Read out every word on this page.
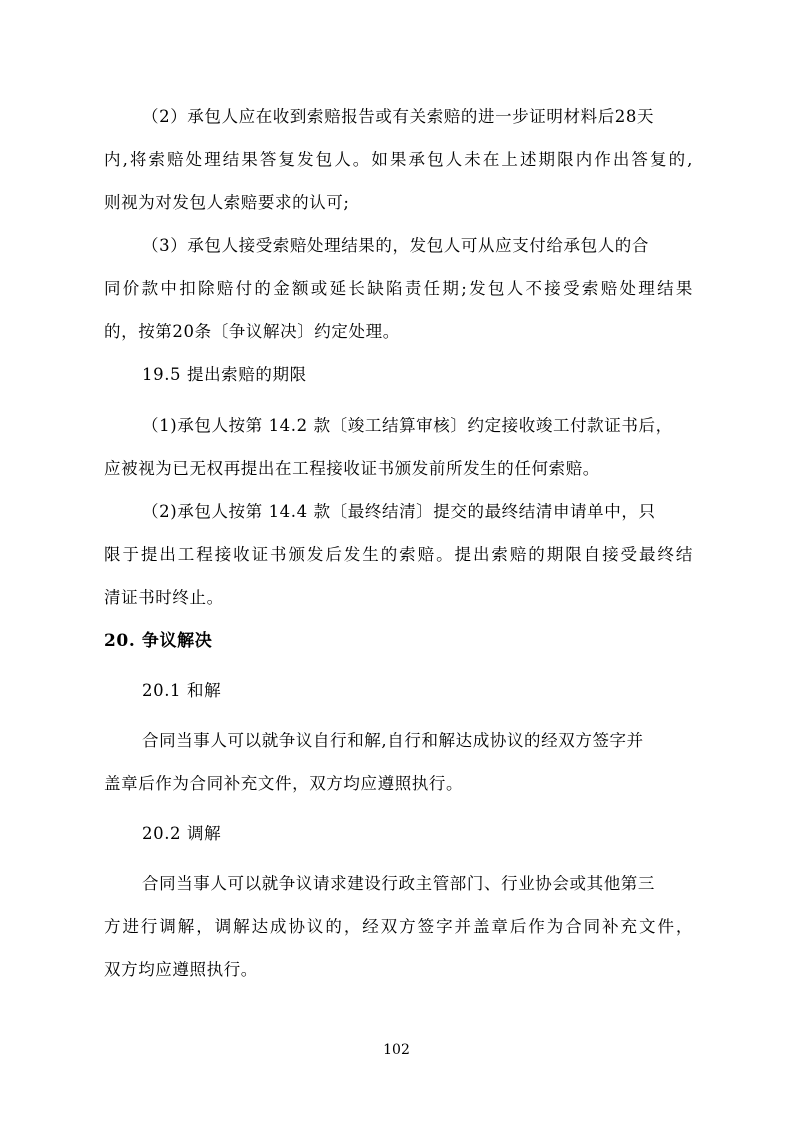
（2）承包人应在收到索赔报告或有关索赔的进一步证明材料后28天
内,将索赔处理结果答复发包人。如果承包人未在上述期限内作出答复的,
则视为对发包人索赔要求的认可;
（3）承包人接受索赔处理结果的，发包人可从应支付给承包人的合
同价款中扣除赔付的金额或延长缺陷责任期;发包人不接受索赔处理结果
的，按第20条〔争议解决〕约定处理。
19.5 提出索赔的期限
（1)承包人按第 14.2 款〔竣工结算审核〕约定接收竣工付款证书后，
应被视为已无权再提出在工程接收证书颁发前所发生的任何索赔。
（2)承包人按第 14.4 款〔最终结清〕提交的最终结清申请单中，只
限于提出工程接收证书颁发后发生的索赔。提出索赔的期限自接受最终结
清证书时终止。
20. 争议解决
20.1 和解
合同当事人可以就争议自行和解,自行和解达成协议的经双方签字并
盖章后作为合同补充文件，双方均应遵照执行。
20.2 调解
合同当事人可以就争议请求建设行政主管部门、行业协会或其他第三
方进行调解，调解达成协议的，经双方签字并盖章后作为合同补充文件，
双方均应遵照执行。
102
